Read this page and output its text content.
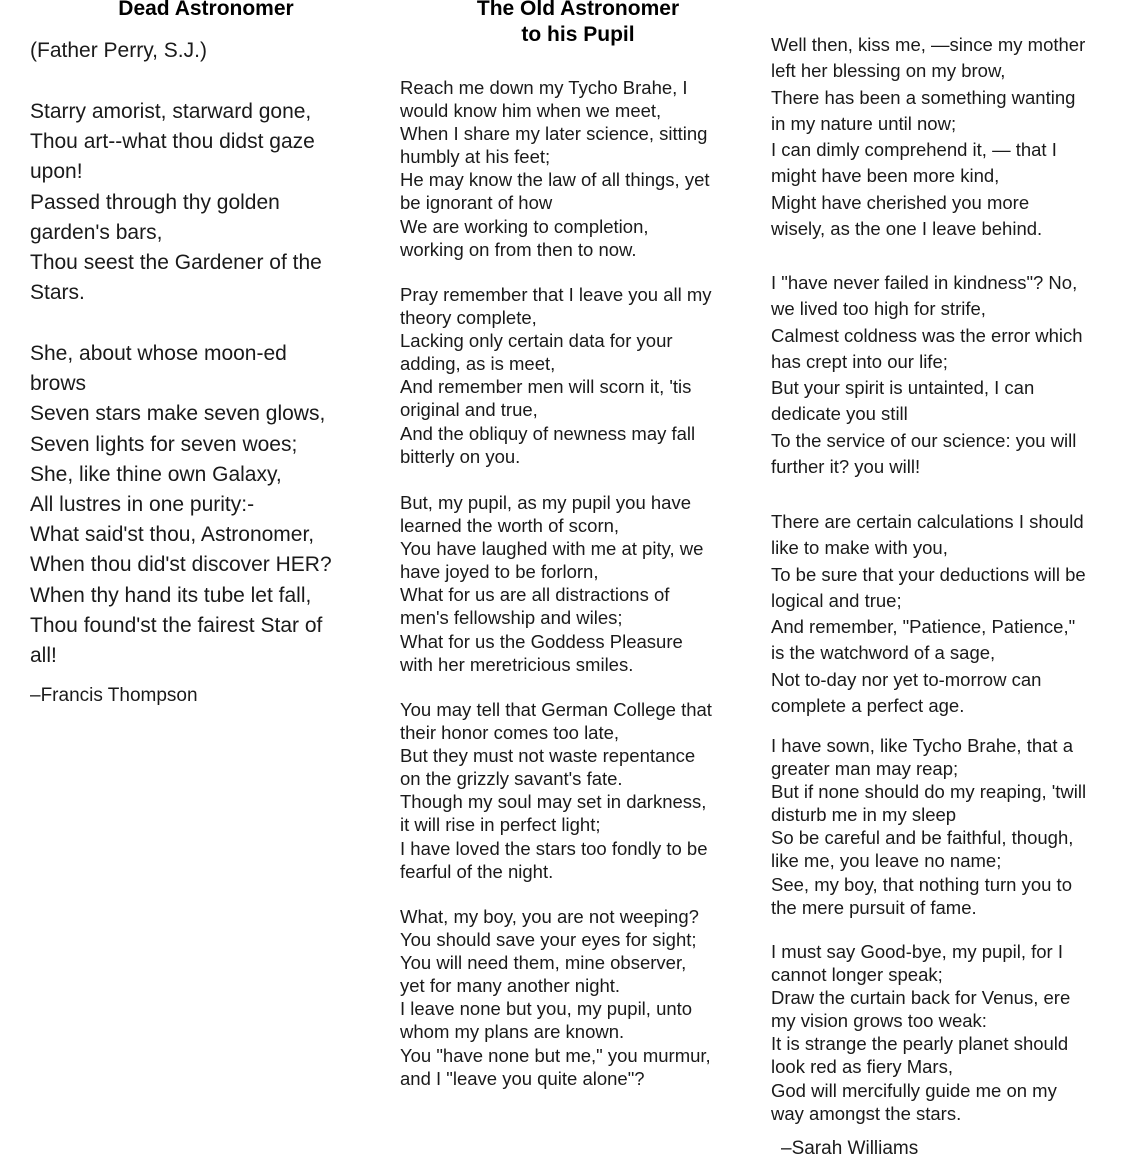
Dead Astronomer

(Father Perry, S.J.)

Starry amorist, starward gone,
Thou art--what thou didst gaze
upon!
Passed through thy golden
garden's bars,
Thou seest the Gardener of the
Stars.
She, about whose moon-ed
brows
Seven stars make seven glows,
Seven lights for seven woes;
She, like thine own Galaxy,
All lustres in one purity:-
What said'st thou, Astronomer,
When thou did'st discover HER?
When thy hand its tube let fall,
Thou found'st the fairest Star of
all!

–Francis Thompson

The Old Astronomer
to his Pupil
Reach me down my Tycho Brahe, I
would know him when we meet,
When I share my later science, sitting
humbly at his feet;
He may know the law of all things, yet
be ignorant of how
We are working to completion,
working on from then to now.
Pray remember that I leave you all my
theory complete,
Lacking only certain data for your
adding, as is meet,
And remember men will scorn it, 'tis
original and true,
And the obliquy of newness may fall
bitterly on you.
But, my pupil, as my pupil you have
learned the worth of scorn,
You have laughed with me at pity, we
have joyed to be forlorn,
What for us are all distractions of
men's fellowship and wiles;
What for us the Goddess Pleasure
with her meretricious smiles.
You may tell that German College that
their honor comes too late,
But they must not waste repentance
on the grizzly savant's fate.
Though my soul may set in darkness,
it will rise in perfect light;
I have loved the stars too fondly to be
fearful of the night.
What, my boy, you are not weeping?
You should save your eyes for sight;
You will need them, mine observer,
yet for many another night.
I leave none but you, my pupil, unto
whom my plans are known.
You "have none but me," you murmur,
and I "leave you quite alone"?
Well then, kiss me, —since my mother
left her blessing on my brow,
There has been a something wanting
in my nature until now;
I can dimly comprehend it, — that I
might have been more kind,
Might have cherished you more
wisely, as the one I leave behind.
I "have never failed in kindness"? No,
we lived too high for strife,
Calmest coldness was the error which
has crept into our life;
But your spirit is untainted, I can
dedicate you still
To the service of our science: you will
further it? you will!
There are certain calculations I should
like to make with you,
To be sure that your deductions will be
logical and true;
And remember, "Patience, Patience,"
is the watchword of a sage,
Not to-day nor yet to-morrow can
complete a perfect age.
I have sown, like Tycho Brahe, that a
greater man may reap;
But if none should do my reaping, 'twill
disturb me in my sleep
So be careful and be faithful, though,
like me, you leave no name;
See, my boy, that nothing turn you to
the mere pursuit of fame.
I must say Good-bye, my pupil, for I
cannot longer speak;
Draw the curtain back for Venus, ere
my vision grows too weak:
It is strange the pearly planet should
look red as fiery Mars,
God will mercifully guide me on my
way amongst the stars.

–Sarah Williams
